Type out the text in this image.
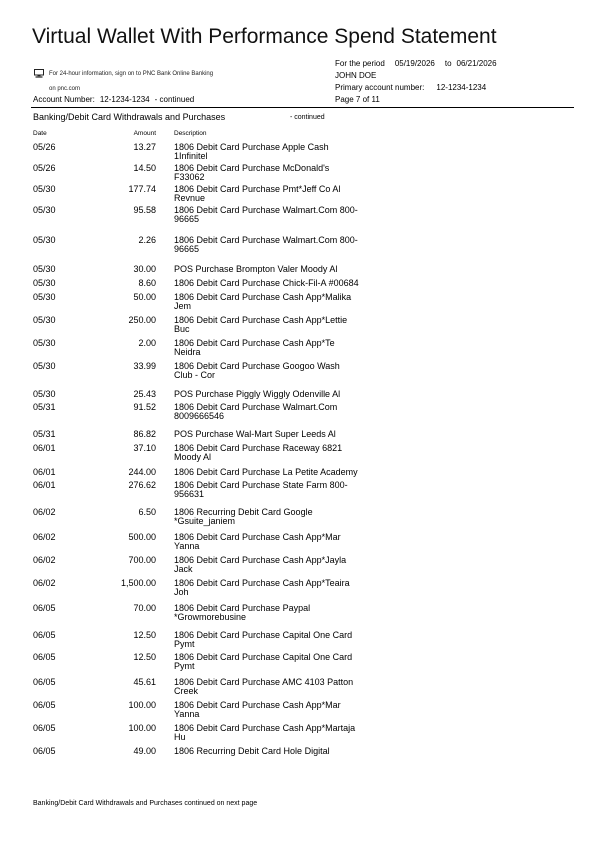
Virtual Wallet With Performance Spend Statement
For 24-hour information, sign on to PNC Bank Online Banking
on pnc.com
Account Number: 12-1234-1234 - continued
For the period 05/19/2026 to 06/21/2026
JOHN DOE
Primary account number: 12-1234-1234
Page 7 of 11
Banking/Debit Card Withdrawals and Purchases	- continued
Date	Amount	Description
05/26	13.27 1806 Debit Card Purchase Apple Cash
1Infinitel
05/26	14.50 1806 Debit Card Purchase McDonald's
F33062
05/30	177.74 1806 Debit Card Purchase Pmt*Jeff Co Al
Revnue
05/30	95.58 1806 Debit Card Purchase Walmart.Com 800-
96665
05/30	2.26 1806 Debit Card Purchase Walmart.Com 800-
96665
05/30	30.00 POS Purchase Brompton Valer Moody Al
05/30	8.60 1806 Debit Card Purchase Chick-Fil-A #00684
05/30	50.00 1806 Debit Card Purchase Cash App*Malika
Jem
05/30	250.00 1806 Debit Card Purchase Cash App*Lettie
Buc
05/30	2.00 1806 Debit Card Purchase Cash App*Te
Neidra
05/30	33.99 1806 Debit Card Purchase Googoo Wash
Club - Cor
05/30	25.43 POS Purchase Piggly Wiggly Odenville Al
05/31	91.52 1806 Debit Card Purchase Walmart.Com
8009666546
05/31	86.82 POS Purchase Wal-Mart Super Leeds Al
06/01	37.10 1806 Debit Card Purchase Raceway 6821
Moody Al
06/01	244.00 1806 Debit Card Purchase La Petite Academy
06/01	276.62 1806 Debit Card Purchase State Farm 800-
956631
06/02	6.50 1806 Recurring Debit Card Google
*Gsuite_janiem
06/02	500.00 1806 Debit Card Purchase Cash App*Mar
Yanna
06/02	700.00 1806 Debit Card Purchase Cash App*Jayla
Jack
06/02	1,500.00 1806 Debit Card Purchase Cash App*Teaira
Joh
06/05	70.00 1806 Debit Card Purchase Paypal
*Growmorebusine
06/05	12.50 1806 Debit Card Purchase Capital One Card
Pymt
06/05	12.50 1806 Debit Card Purchase Capital One Card
Pymt
06/05	45.61 1806 Debit Card Purchase AMC 4103 Patton
Creek
06/05	100.00 1806 Debit Card Purchase Cash App*Mar
Yanna
06/05	100.00 1806 Debit Card Purchase Cash App*Martaja
Hu
06/05	49.00 1806 Recurring Debit Card Hole Digital
Banking/Debit Card Withdrawals and Purchases continued on next page
